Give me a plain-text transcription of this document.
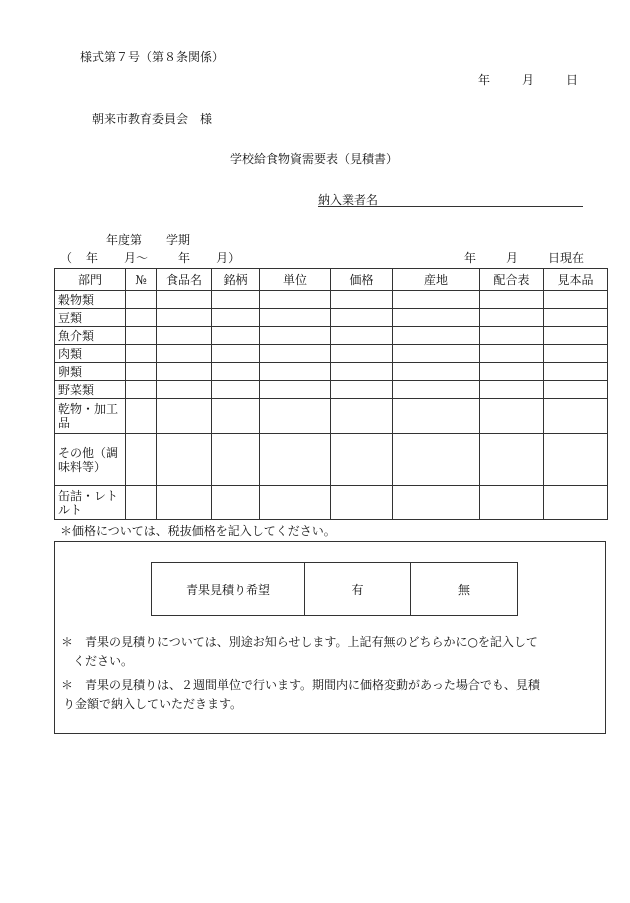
様式第７号（第８条関係）
年	月	日
朝来市教育委員会　様
学校給食物資需要表（見積書）
納入業者名
年度第 学期
（ 年 月～	年 月）	年	月	日現在
部門	№	食品名	銘柄	単位	価格	産地	配合表	見本品
穀物類								
豆類								
魚介類								
肉類								
卵類								
野菜類								
乾物・加工品								
その他（調味料等）								
缶詰・レトルト								
＊価格については、税抜価格を記入してください。
青果見積り希望	有	無
＊ 青果の見積りについては、別途お知らせします。上記有無のどちらかに○を記入して
ください。
＊ 青果の見積りは、２週間単位で行います。期間内に価格変動があった場合でも、見積
り金額で納入していただきます。
